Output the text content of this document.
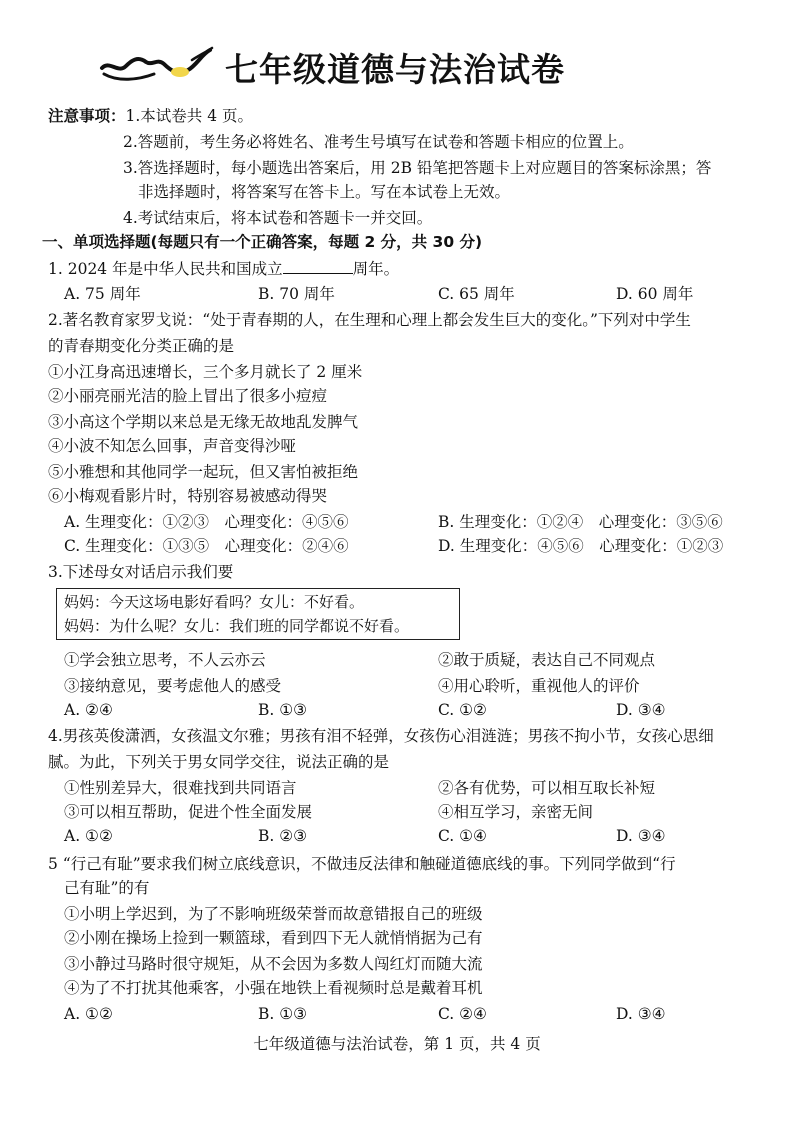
七年级道德与法治试卷
注意事项：1.本试卷共 4 页。
2.答题前，考生务必将姓名、准考生号填写在试卷和答题卡相应的位置上。
3.答选择题时，每小题选出答案后，用 2B 铅笔把答题卡上对应题目的答案标涂黑；答
非选择题时，将答案写在答卡上。写在本试卷上无效。
4.考试结束后，将本试卷和答题卡一并交回。
一、单项选择题(每题只有一个正确答案，每题 2 分，共 30 分)
1. 2024 年是中华人民共和国成立	周年。
A. 75 周年	B. 70 周年	C. 65 周年	D. 60 周年
2.著名教育家罗戈说：“处于青春期的人，在生理和心理上都会发生巨大的变化。”下列对中学生
的青春期变化分类正确的是
①小江身高迅速增长，三个多月就长了 2 厘米
②小丽亮丽光洁的脸上冒出了很多小痘痘
③小高这个学期以来总是无缘无故地乱发脾气
④小波不知怎么回事，声音变得沙哑
⑤小雅想和其他同学一起玩，但又害怕被拒绝
⑥小梅观看影片时，特别容易被感动得哭
A. 生理变化：①②③　心理变化：④⑤⑥	B. 生理变化：①②④　心理变化：③⑤⑥
C. 生理变化：①③⑤　心理变化：②④⑥	D. 生理变化：④⑤⑥　心理变化：①②③
3.下述母女对话启示我们要
妈妈：今天这场电影好看吗？女儿：不好看。
妈妈：为什么呢？女儿：我们班的同学都说不好看。
①学会独立思考，不人云亦云	②敢于质疑，表达自己不同观点
③接纳意见，要考虑他人的感受	④用心聆听，重视他人的评价
A. ②④	B. ①③	C. ①②	D. ③④
4.男孩英俊潇洒，女孩温文尔雅；男孩有泪不轻弹，女孩伤心泪涟涟；男孩不拘小节，女孩心思细
腻。为此，下列关于男女同学交往，说法正确的是
①性别差异大，很难找到共同语言	②各有优势，可以相互取长补短
③可以相互帮助，促进个性全面发展	④相互学习，亲密无间
A. ①②	B. ②③	C. ①④	D. ③④
5 “行己有耻”要求我们树立底线意识，不做违反法律和触碰道德底线的事。下列同学做到“行
己有耻”的有
①小明上学迟到，为了不影响班级荣誉而故意错报自己的班级
②小刚在操场上捡到一颗篮球，看到四下无人就悄悄据为己有
③小静过马路时很守规矩，从不会因为多数人闯红灯而随大流
④为了不打扰其他乘客，小强在地铁上看视频时总是戴着耳机
A. ①②	B. ①③	C. ②④	D. ③④
七年级道德与法治试卷，第 1 页，共 4 页
